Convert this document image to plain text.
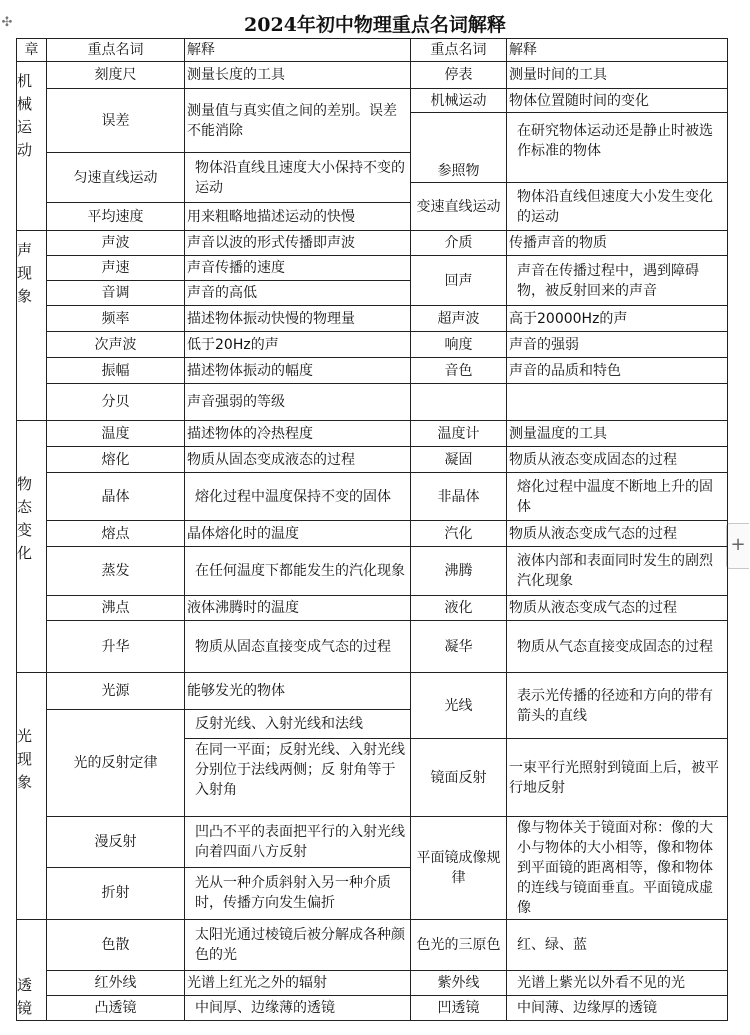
✣	2024年初中物理重点名词解释
+
章	重点名词	解释	重点名词	解释

机械运动	刻度尺	测量长度的工具	停表	测量时间的工具
	误差	测量值与真实值之间的差别。误差不能消除	机械运动	物体位置随时间的变化
			参照物	在研究物体运动还是静止时被选作标准的物体
	匀速直线运动	物体沿直线且速度大小保持不变的运动		
			变速直线运动	物体沿直线但速度大小发生变化的运动
	平均速度	用来粗略地描述运动的快慢		

声现象	声波	声音以波的形式传播即声波	介质	传播声音的物质
	声速	声音传播的速度	回声	声音在传播过程中，遇到障碍物，被反射回来的声音
	音调	声音的高低		
	频率	描述物体振动快慢的物理量	超声波	高于20000Hz的声
	次声波	低于20Hz的声	响度	声音的强弱
	振幅	描述物体振动的幅度	音色	声音的品质和特色
	分贝	声音强弱的等级		

物态变化	温度	描述物体的冷热程度	温度计	测量温度的工具
	熔化	物质从固态变成液态的过程	凝固	物质从液态变成固态的过程
	晶体	熔化过程中温度保持不变的固体	非晶体	熔化过程中温度不断地上升的固体
	熔点	晶体熔化时的温度	汽化	物质从液态变成气态的过程
	蒸发	在任何温度下都能发生的汽化现象	沸腾	液体内部和表面同时发生的剧烈汽化现象
	沸点	液体沸腾时的温度	液化	物质从液态变成气态的过程
	升华	物质从固态直接变成气态的过程	凝华	物质从气态直接变成固态的过程

光现象	光源	能够发光的物体	光线	表示光传播的径迹和方向的带有箭头的直线
	光的反射定律	反射光线、入射光线和法线		
		在同一平面；反射光线、入射光线分别位于法线两侧；反 射角等于入射角	镜面反射	一束平行光照射到镜面上后，被平行地反射
	漫反射	凹凸不平的表面把平行的入射光线向着四面八方反射	平面镜成像规律	像与物体关于镜面对称：像的大小与物体的大小相等，像和物体到平面镜的距离相等，像和物体的连线与镜面垂直。平面镜成虚像
	折射	光从一种介质斜射入另一种介质时，传播方向发生偏折		

透镜	色散	太阳光通过棱镜后被分解成各种颜色的光	色光的三原色	红、绿、蓝
	红外线	光谱上红光之外的辐射	紫外线	光谱上紫光以外看不见的光
	凸透镜	中间厚、边缘薄的透镜	凹透镜	中间薄、边缘厚的透镜
